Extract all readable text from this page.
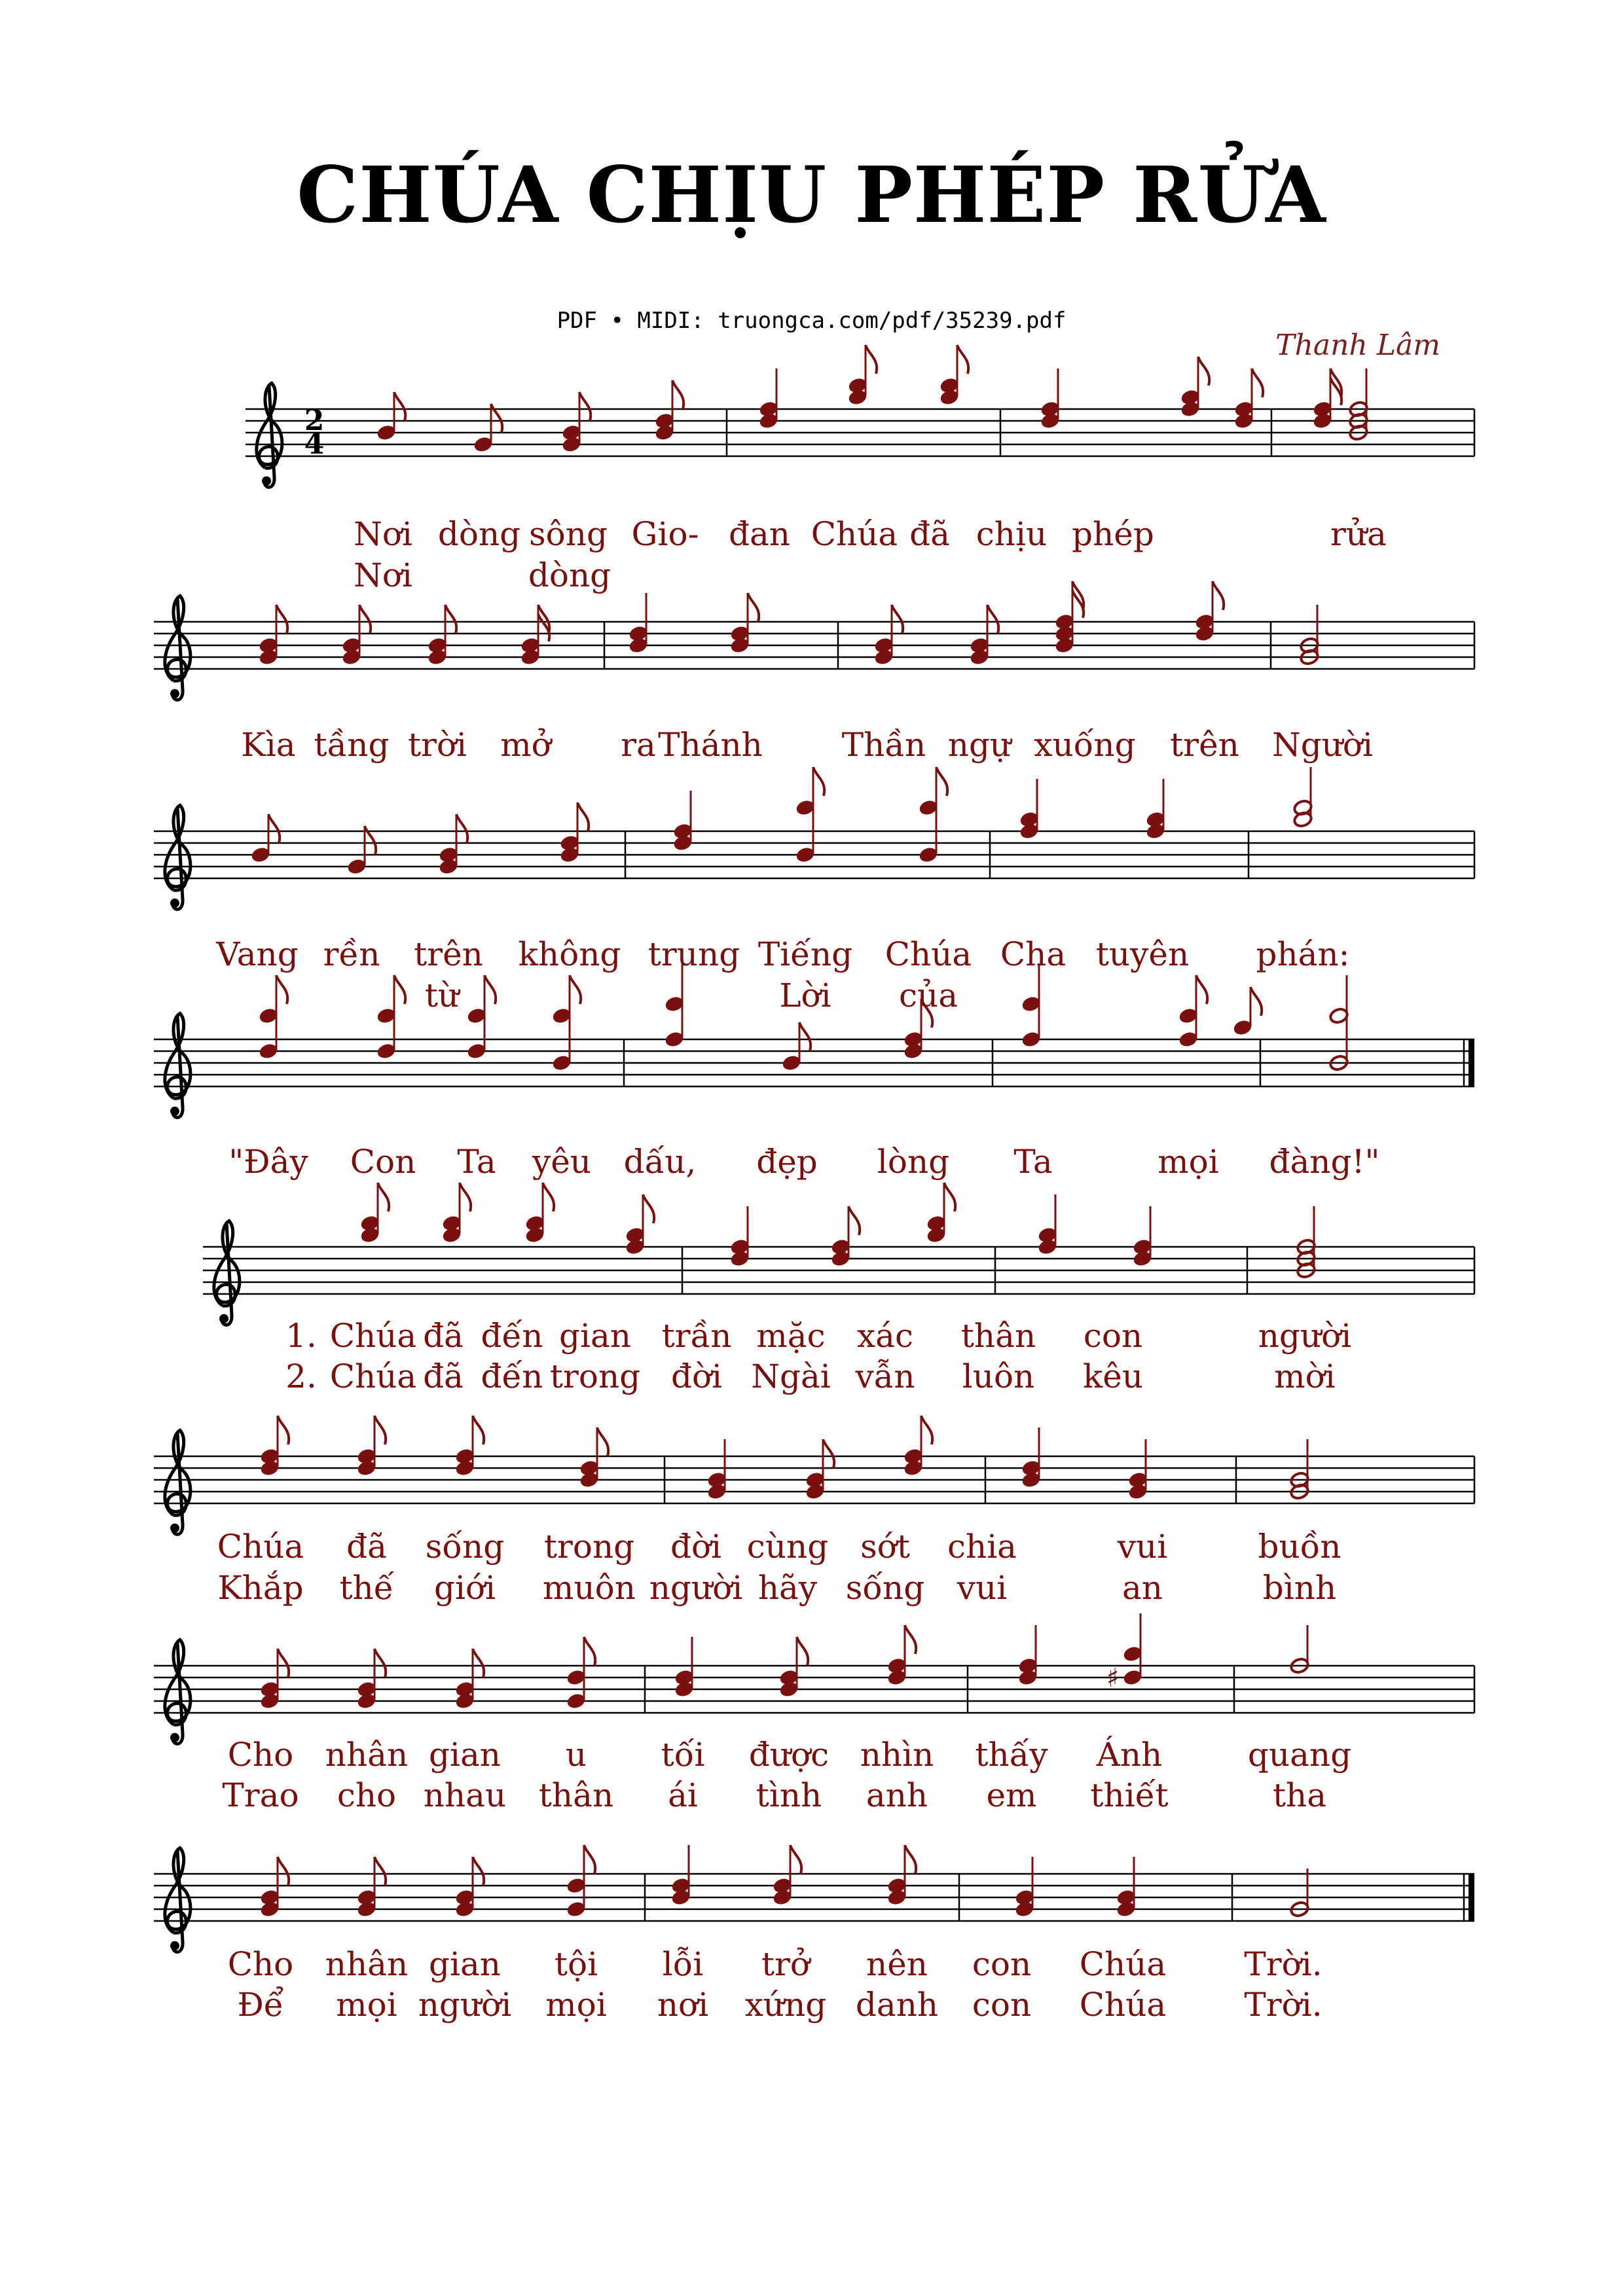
CHÚA CHỊU PHÉP RỬA
PDF • MIDI: truongca.com/pdf/35239.pdf
Thanh Lâm
2
4
Nơi dòng sông Gio- đan Chúa đã chịu phép	rửa
Nơi	dòng
Kìa tầng trời mở ra Thánh Thần ngự xuống trên Người
Vang rền trên không trung Tiếng Chúa Cha tuyên phán:
từ	Lời của
"Đây Con Ta yêu dấu, đẹp lòng Ta	mọi đàng!"
1. Chúa đã đến gian trần mặc xác thân con	người
2. Chúa đã đến trong đời Ngài vẫn luôn kêu	mời
Chúa đã sống trong đời cùng sớt chia	vui	buồn
Khắp thế giới muôn người hãy sống vui	an	bình
♯
Cho nhân gian u tối được nhìn thấy Ánh	quang
Trao cho nhau thân ái tình anh em thiết	tha
Cho nhân gian tội lỗi trở nên con Chúa Trời.
Để mọi người mọi nơi xứng danh con Chúa Trời.
